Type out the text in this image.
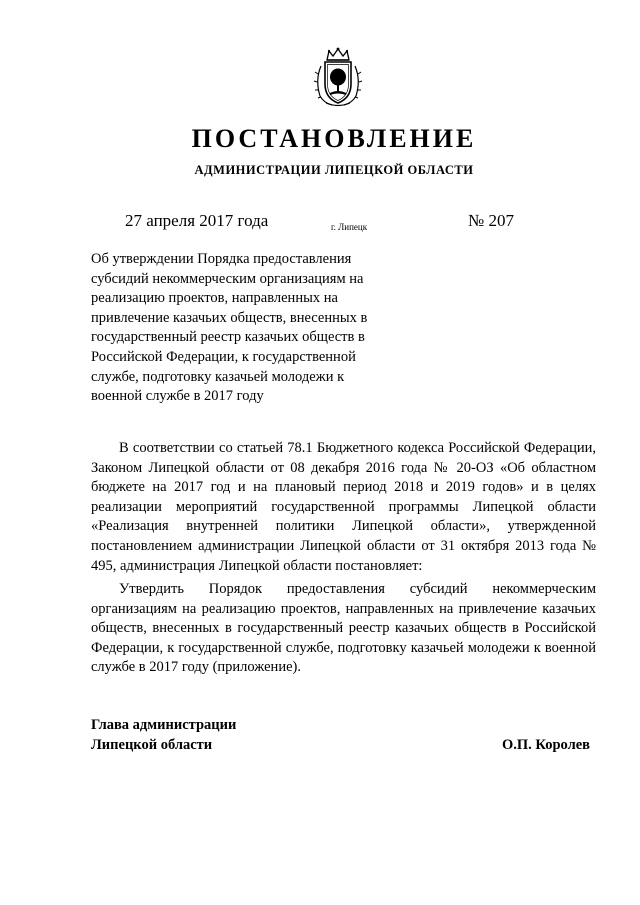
ПОСТАНОВЛЕНИЕ
АДМИНИСТРАЦИИ ЛИПЕЦКОЙ ОБЛАСТИ
27 апреля 2017 года	г. Липецк	№ 207
Об утверждении Порядка предоставления
субсидий некоммерческим организациям на
реализацию проектов, направленных на
привлечение казачьих обществ, внесенных в
государственный реестр казачьих обществ в
Российской Федерации, к государственной
службе, подготовку казачьей молодежи к
военной службе в 2017 году

В соответствии со статьей 78.1 Бюджетного кодекса Российской Федерации, Законом Липецкой области от 08 декабря 2016 года № 20-ОЗ «Об областном бюджете на 2017 год и на плановый период 2018 и 2019 годов» и в целях реализации мероприятий государственной программы Липецкой области «Реализация внутренней политики Липецкой области», утвержденной постановлением администрации Липецкой области от 31 октября 2013 года № 495, администрация Липецкой области постановляет:

Утвердить Порядок предоставления субсидий некоммерческим организациям на реализацию проектов, направленных на привлечение казачьих обществ, внесенных в государственный реестр казачьих обществ в Российской Федерации, к государственной службе, подготовку казачьей молодежи к военной службе в 2017 году (приложение).

Глава администрации
Липецкой области	О.П. Королев
